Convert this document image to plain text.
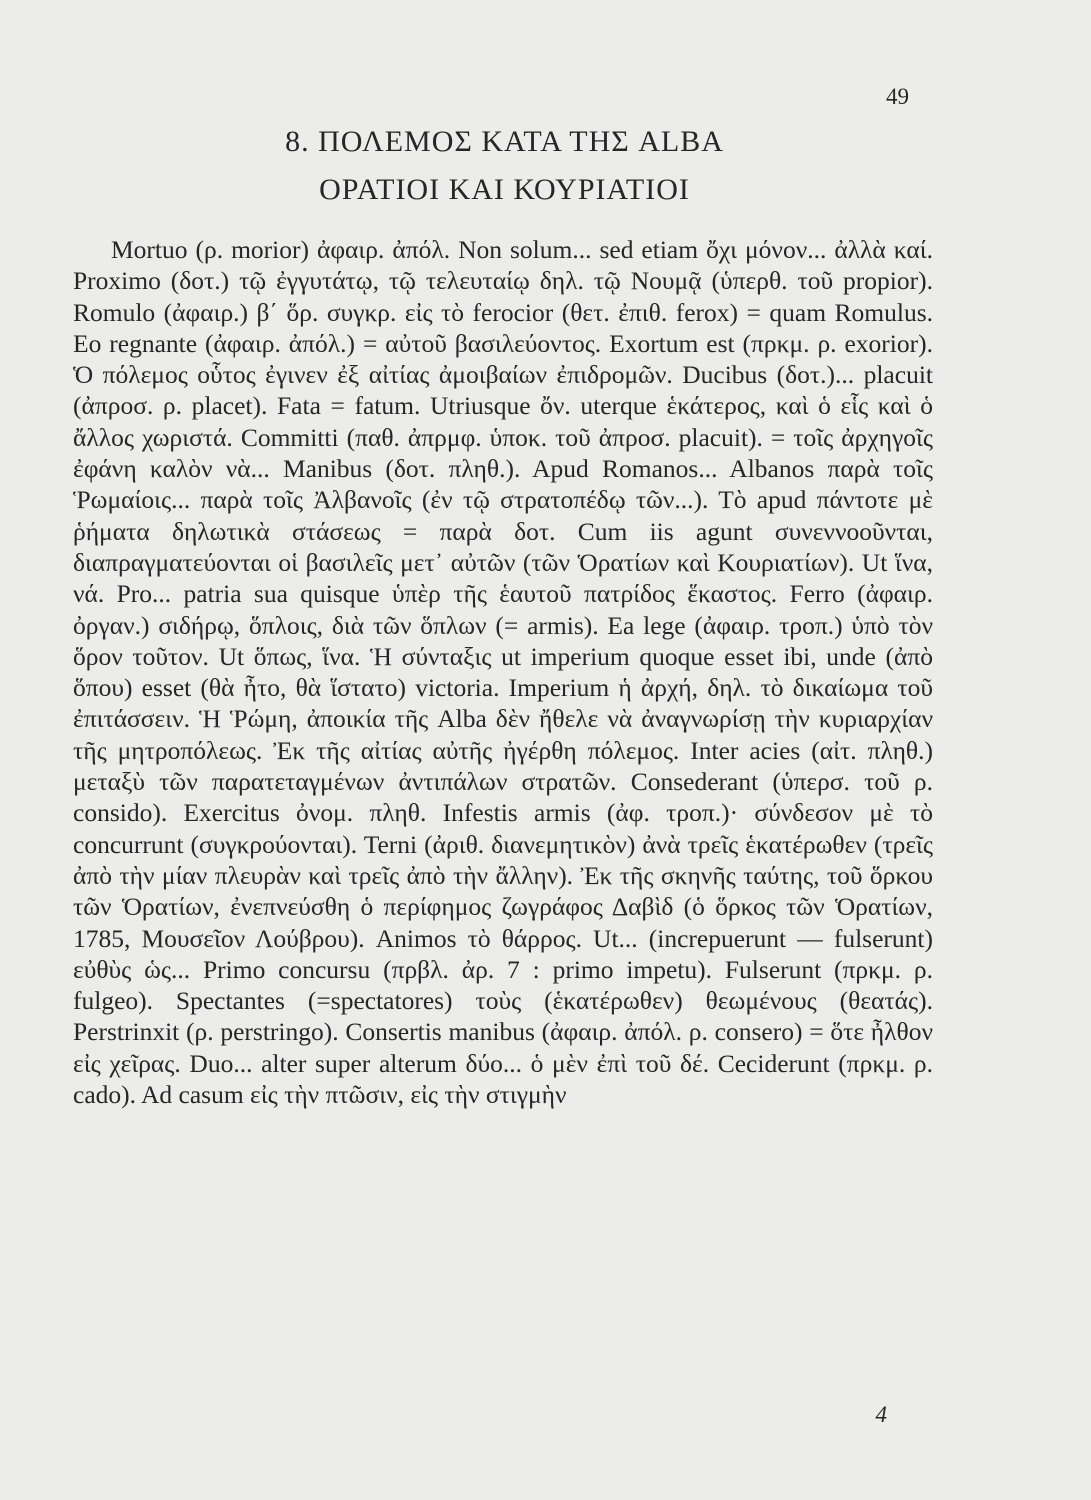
49
8. ΠΟΛΕΜΟΣ ΚΑΤΑ ΤΗΣ ALBA
ΟΡΑΤΙΟΙ ΚΑΙ ΚΟΥΡΙΑΤΙΟΙ

Mortuo (ρ. morior) ἀφαιρ. ἀπόλ. Non solum... sed etiam ὄχι μόνον... ἀλλὰ καί. Proximo (δοτ.) τῷ ἐγγυτάτῳ, τῷ τελευταίῳ δηλ. τῷ Νουμᾷ (ὑπερθ. τοῦ propior). Romulo (ἀφαιρ.) β΄ ὅρ. συγκρ. εἰς τὸ ferocior (θετ. ἐπιθ. ferox) = quam Romulus. Eo regnante (ἀφαιρ. ἀπόλ.) = αὐτοῦ βασιλεύοντος. Exortum est (πρκμ. ρ. exorior). Ὁ πόλεμος οὗτος ἐγινεν ἐξ αἰτίας ἀμοιβαίων ἐπιδρομῶν. Ducibus (δοτ.)... placuit (ἀπροσ. ρ. placet). Fata = fatum. Utriusque ὄν. uterque ἑκάτερος, καὶ ὁ εἷς καὶ ὁ ἄλλος χωριστά. Committi (παθ. ἀπρμφ. ὑποκ. τοῦ ἀπροσ. placuit). = τοῖς ἀρχηγοῖς ἐφάνη καλὸν νὰ... Manibus (δοτ. πληθ.). Apud Romanos... Albanos παρὰ τοῖς Ῥωμαίοις... παρὰ τοῖς Ἀλβανοῖς (ἐν τῷ στρατοπέδῳ τῶν...). Τὸ apud πάντοτε μὲ ῥήματα δηλωτικὰ στάσεως = παρὰ δοτ. Cum iis agunt συνεννοοῦνται, διαπραγματεύονται οἱ βασιλεῖς μετ᾽ αὐτῶν (τῶν Ὁρατίων καὶ Κουριατίων). Ut ἵνα, νά. Pro... patria sua quisque ὑπὲρ τῆς ἑαυτοῦ πατρίδος ἕκαστος. Ferro (ἀφαιρ. ὀργαν.) σιδήρῳ, ὅπλοις, διὰ τῶν ὅπλων (= armis). Ea lege (ἀφαιρ. τροπ.) ὑπὸ τὸν ὅρον τοῦτον. Ut ὅπως, ἵνα. Ἡ σύνταξις ut imperium quoque esset ibi, unde (ἀπὸ ὅπου) esset (θὰ ἦτο, θὰ ἵστατο) victoria. Imperium ἡ ἀρχή, δηλ. τὸ δικαίωμα τοῦ ἐπιτάσσειν. Ἡ Ῥώμη, ἀποικία τῆς Alba δὲν ἤθελε νὰ ἀναγνωρίσῃ τὴν κυριαρχίαν τῆς μητροπόλεως. Ἐκ τῆς αἰτίας αὐτῆς ἠγέρθη πόλεμος. Inter acies (αἰτ. πληθ.) μεταξὺ τῶν παρατεταγμένων ἀντιπάλων στρατῶν. Consederant (ὑπερσ. τοῦ ρ. consido). Exercitus ὀνομ. πληθ. Infestis armis (ἀφ. τροπ.)· σύνδεσον μὲ τὸ concurrunt (συγκρούονται). Terni (ἀριθ. διανεμητικὸν) ἀνὰ τρεῖς ἑκατέρωθεν (τρεῖς ἀπὸ τὴν μίαν πλευρὰν καὶ τρεῖς ἀπὸ τὴν ἄλλην). Ἐκ τῆς σκηνῆς ταύτης, τοῦ ὅρκου τῶν Ὁρατίων, ἐνεπνεύσθη ὁ περίφημος ζωγράφος Δαβὶδ (ὁ ὅρκος τῶν Ὁρατίων, 1785, Μουσεῖον Λούβρου). Animos τὸ θάρρος. Ut... (increpuerunt — fulserunt) εὐθὺς ὡς... Primo concursu (πρβλ. ἀρ. 7 : primo impetu). Fulserunt (πρκμ. ρ. fulgeo). Spectantes (=spectatores) τοὺς (ἑκατέρωθεν) θεωμένους (θεατάς). Perstrinxit (ρ. perstringo). Consertis manibus (ἀφαιρ. ἀπόλ. ρ. consero) = ὅτε ἦλθον εἰς χεῖρας. Duo... alter super alterum δύο... ὁ μὲν ἐπὶ τοῦ δέ. Ceciderunt (πρκμ. ρ. cado). Ad casum εἰς τὴν πτῶσιν, εἰς τὴν στιγμὴν

4
